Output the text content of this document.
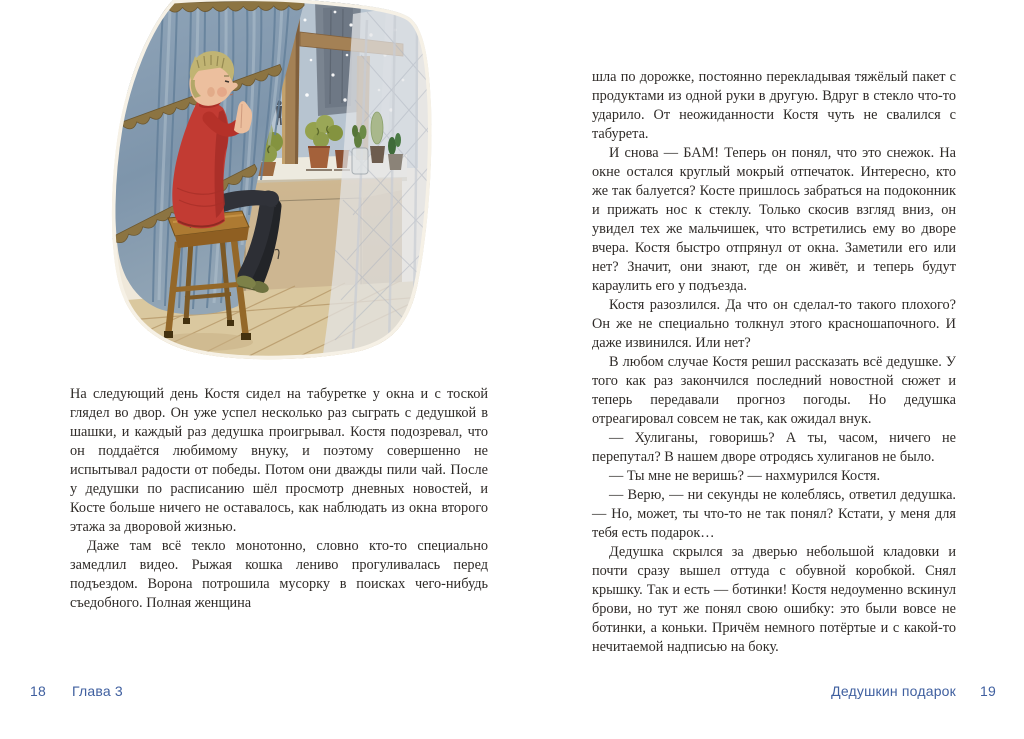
На следующий день Костя сидел на табуретке у окна и с тоской глядел во двор. Он уже успел несколько раз сыграть с дедушкой в шашки, и каждый раз дедушка проигрывал. Костя подозревал, что он поддаётся любимому внуку, и поэтому совершенно не испытывал радости от победы. Потом они дважды пили чай. После у дедушки по расписанию шёл просмотр дневных новостей, и Косте больше ничего не оставалось, как наблюдать из окна второго этажа за дворовой жизнью.

Даже там всё текло монотонно, словно кто-то специально замедлил видео. Рыжая кошка лениво прогуливалась перед подъездом. Ворона потрошила мусорку в поисках чего-нибудь съедобного. Полная женщина

шла по дорожке, постоянно перекладывая тяжёлый пакет с продуктами из одной руки в другую. Вдруг в стекло что-то ударило. От неожиданности Костя чуть не свалился с табурета.

И снова — БАМ! Теперь он понял, что это снежок. На окне остался круглый мокрый отпечаток. Интересно, кто же так балуется? Косте пришлось забраться на подоконник и прижать нос к стеклу. Только скосив взгляд вниз, он увидел тех же мальчишек, что встретились ему во дворе вчера. Костя быстро отпрянул от окна. Заметили его или нет? Значит, они знают, где он живёт, и теперь будут караулить его у подъезда.

Костя разозлился. Да что он сделал-то такого плохого? Он же не специально толкнул этого красношапочного. И даже извинился. Или нет?

В любом случае Костя решил рассказать всё дедушке. У того как раз закончился последний новостной сюжет и теперь передавали прогноз погоды. Но дедушка отреагировал совсем не так, как ожидал внук.

— Хулиганы, говоришь? А ты, часом, ничего не перепутал? В нашем дворе отродясь хулиганов не было.

— Ты мне не веришь? — нахмурился Костя.

— Верю, — ни секунды не колеблясь, ответил дедушка. — Но, может, ты что-то не так понял? Кстати, у меня для тебя есть подарок…

Дедушка скрылся за дверью небольшой кладовки и почти сразу вышел оттуда с обувной коробкой. Снял крышку. Так и есть — ботинки! Костя недоуменно вскинул брови, но тут же понял свою ошибку: это были вовсе не ботинки, а коньки. Причём немного потёртые и с какой-то нечитаемой надписью на боку.

18 Глава 3	Дедушкин подарок 19
